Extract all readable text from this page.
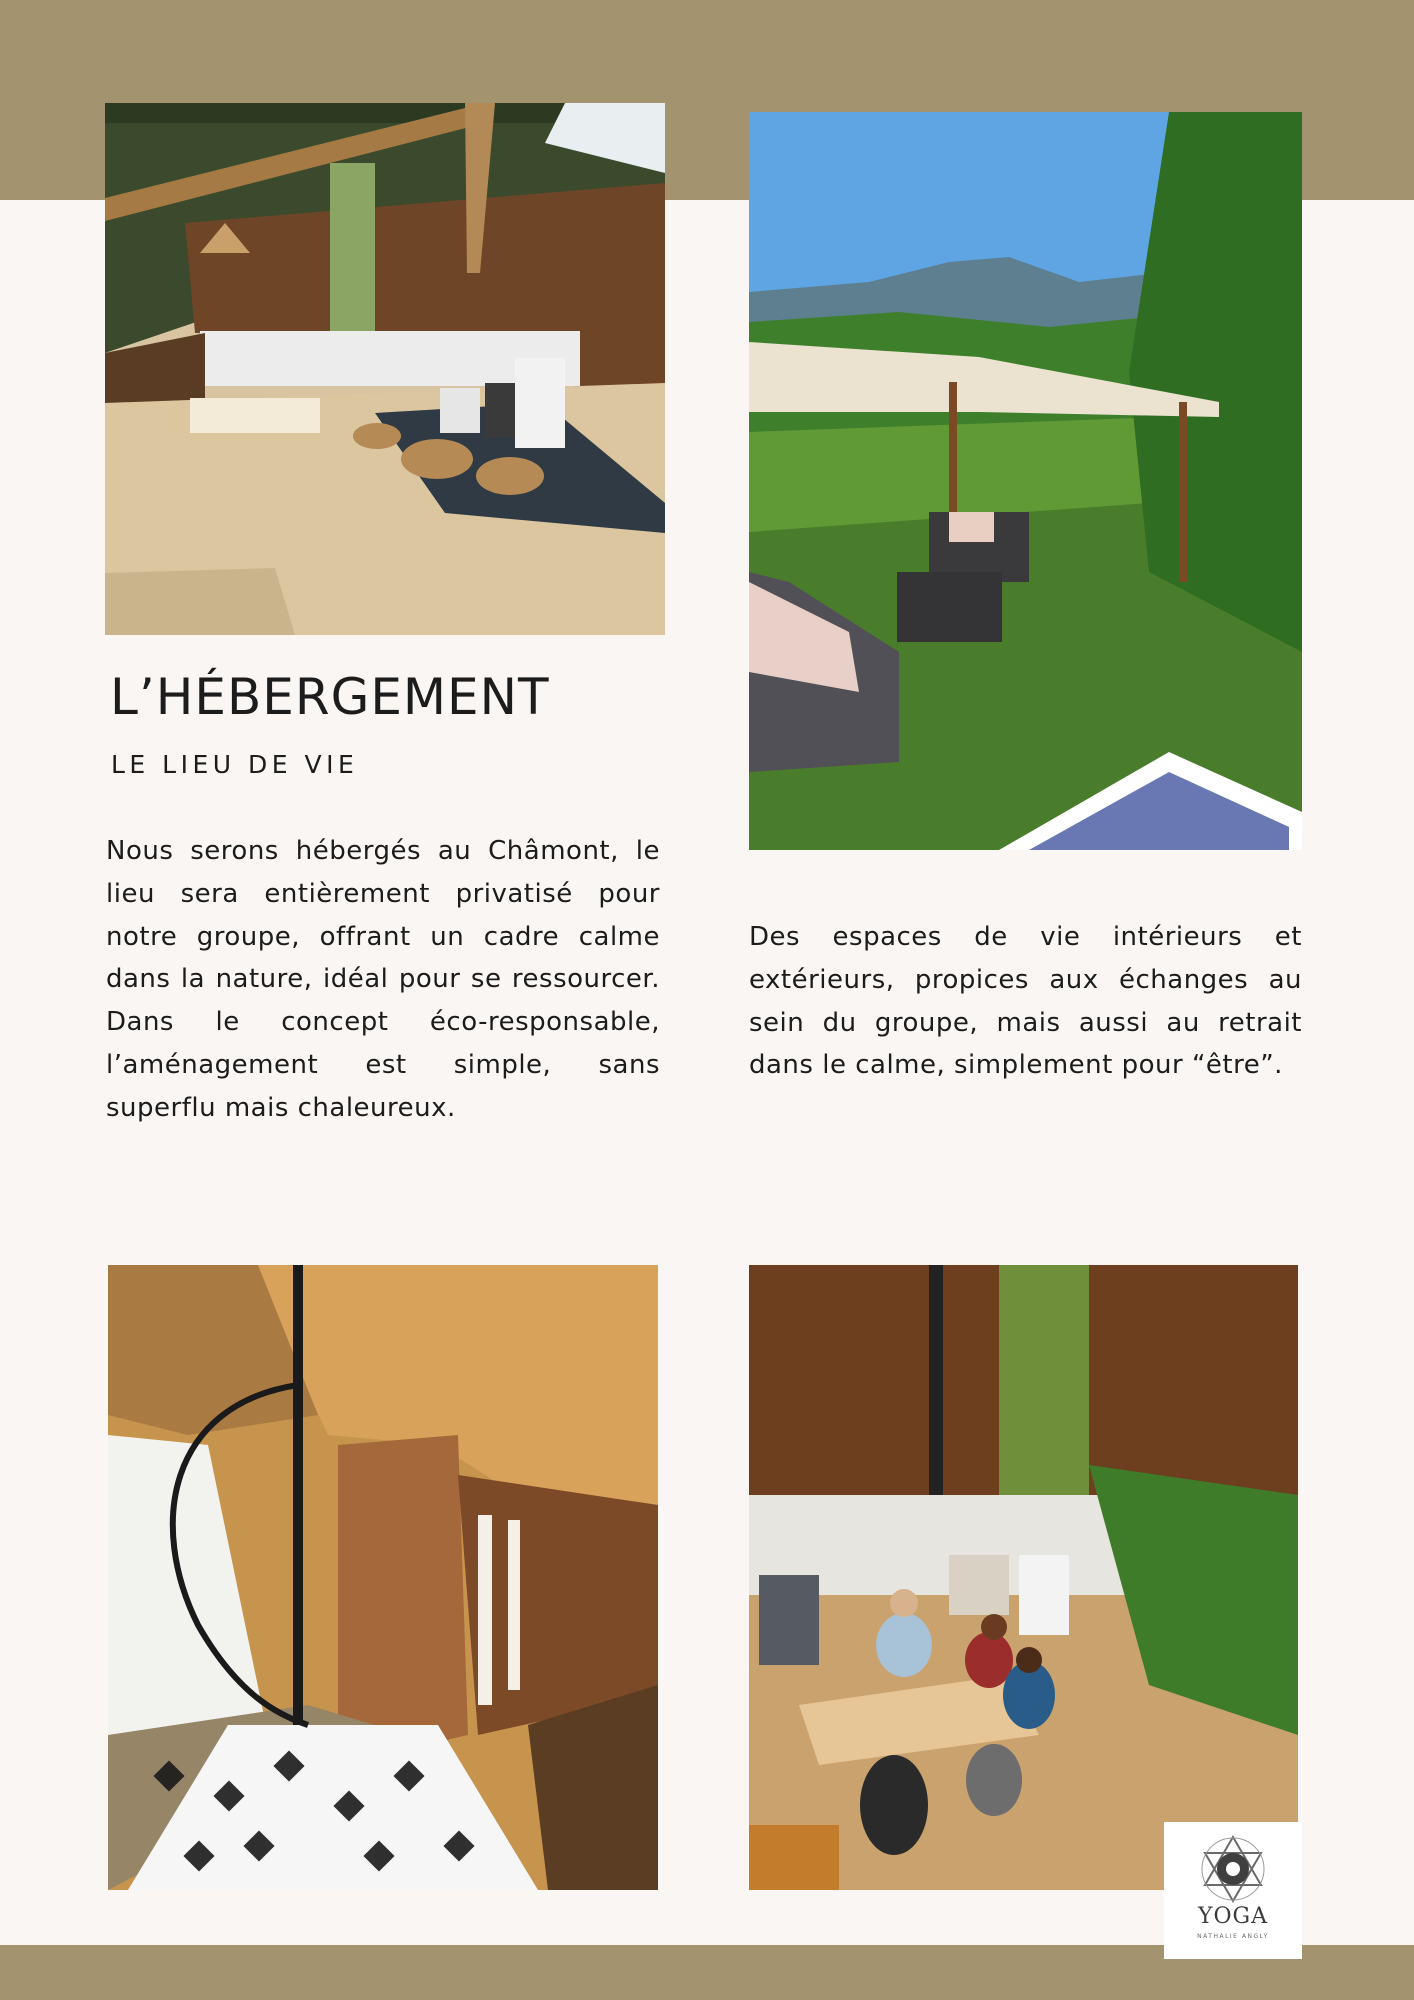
L’HÉBERGEMENT

LE LIEU DE VIE

Nous serons hébergés au Châmont, le lieu sera entièrement privatisé pour notre groupe, offrant un cadre calme dans la nature, idéal pour se ressourcer. Dans le concept éco-responsable, l’aménagement est simple, sans superflu mais chaleureux.

Des espaces de vie intérieurs et extérieurs, propices aux échanges au sein du groupe, mais aussi au retrait dans le calme, simplement pour “être”.

YOGA
NATHALIE ANGLY
